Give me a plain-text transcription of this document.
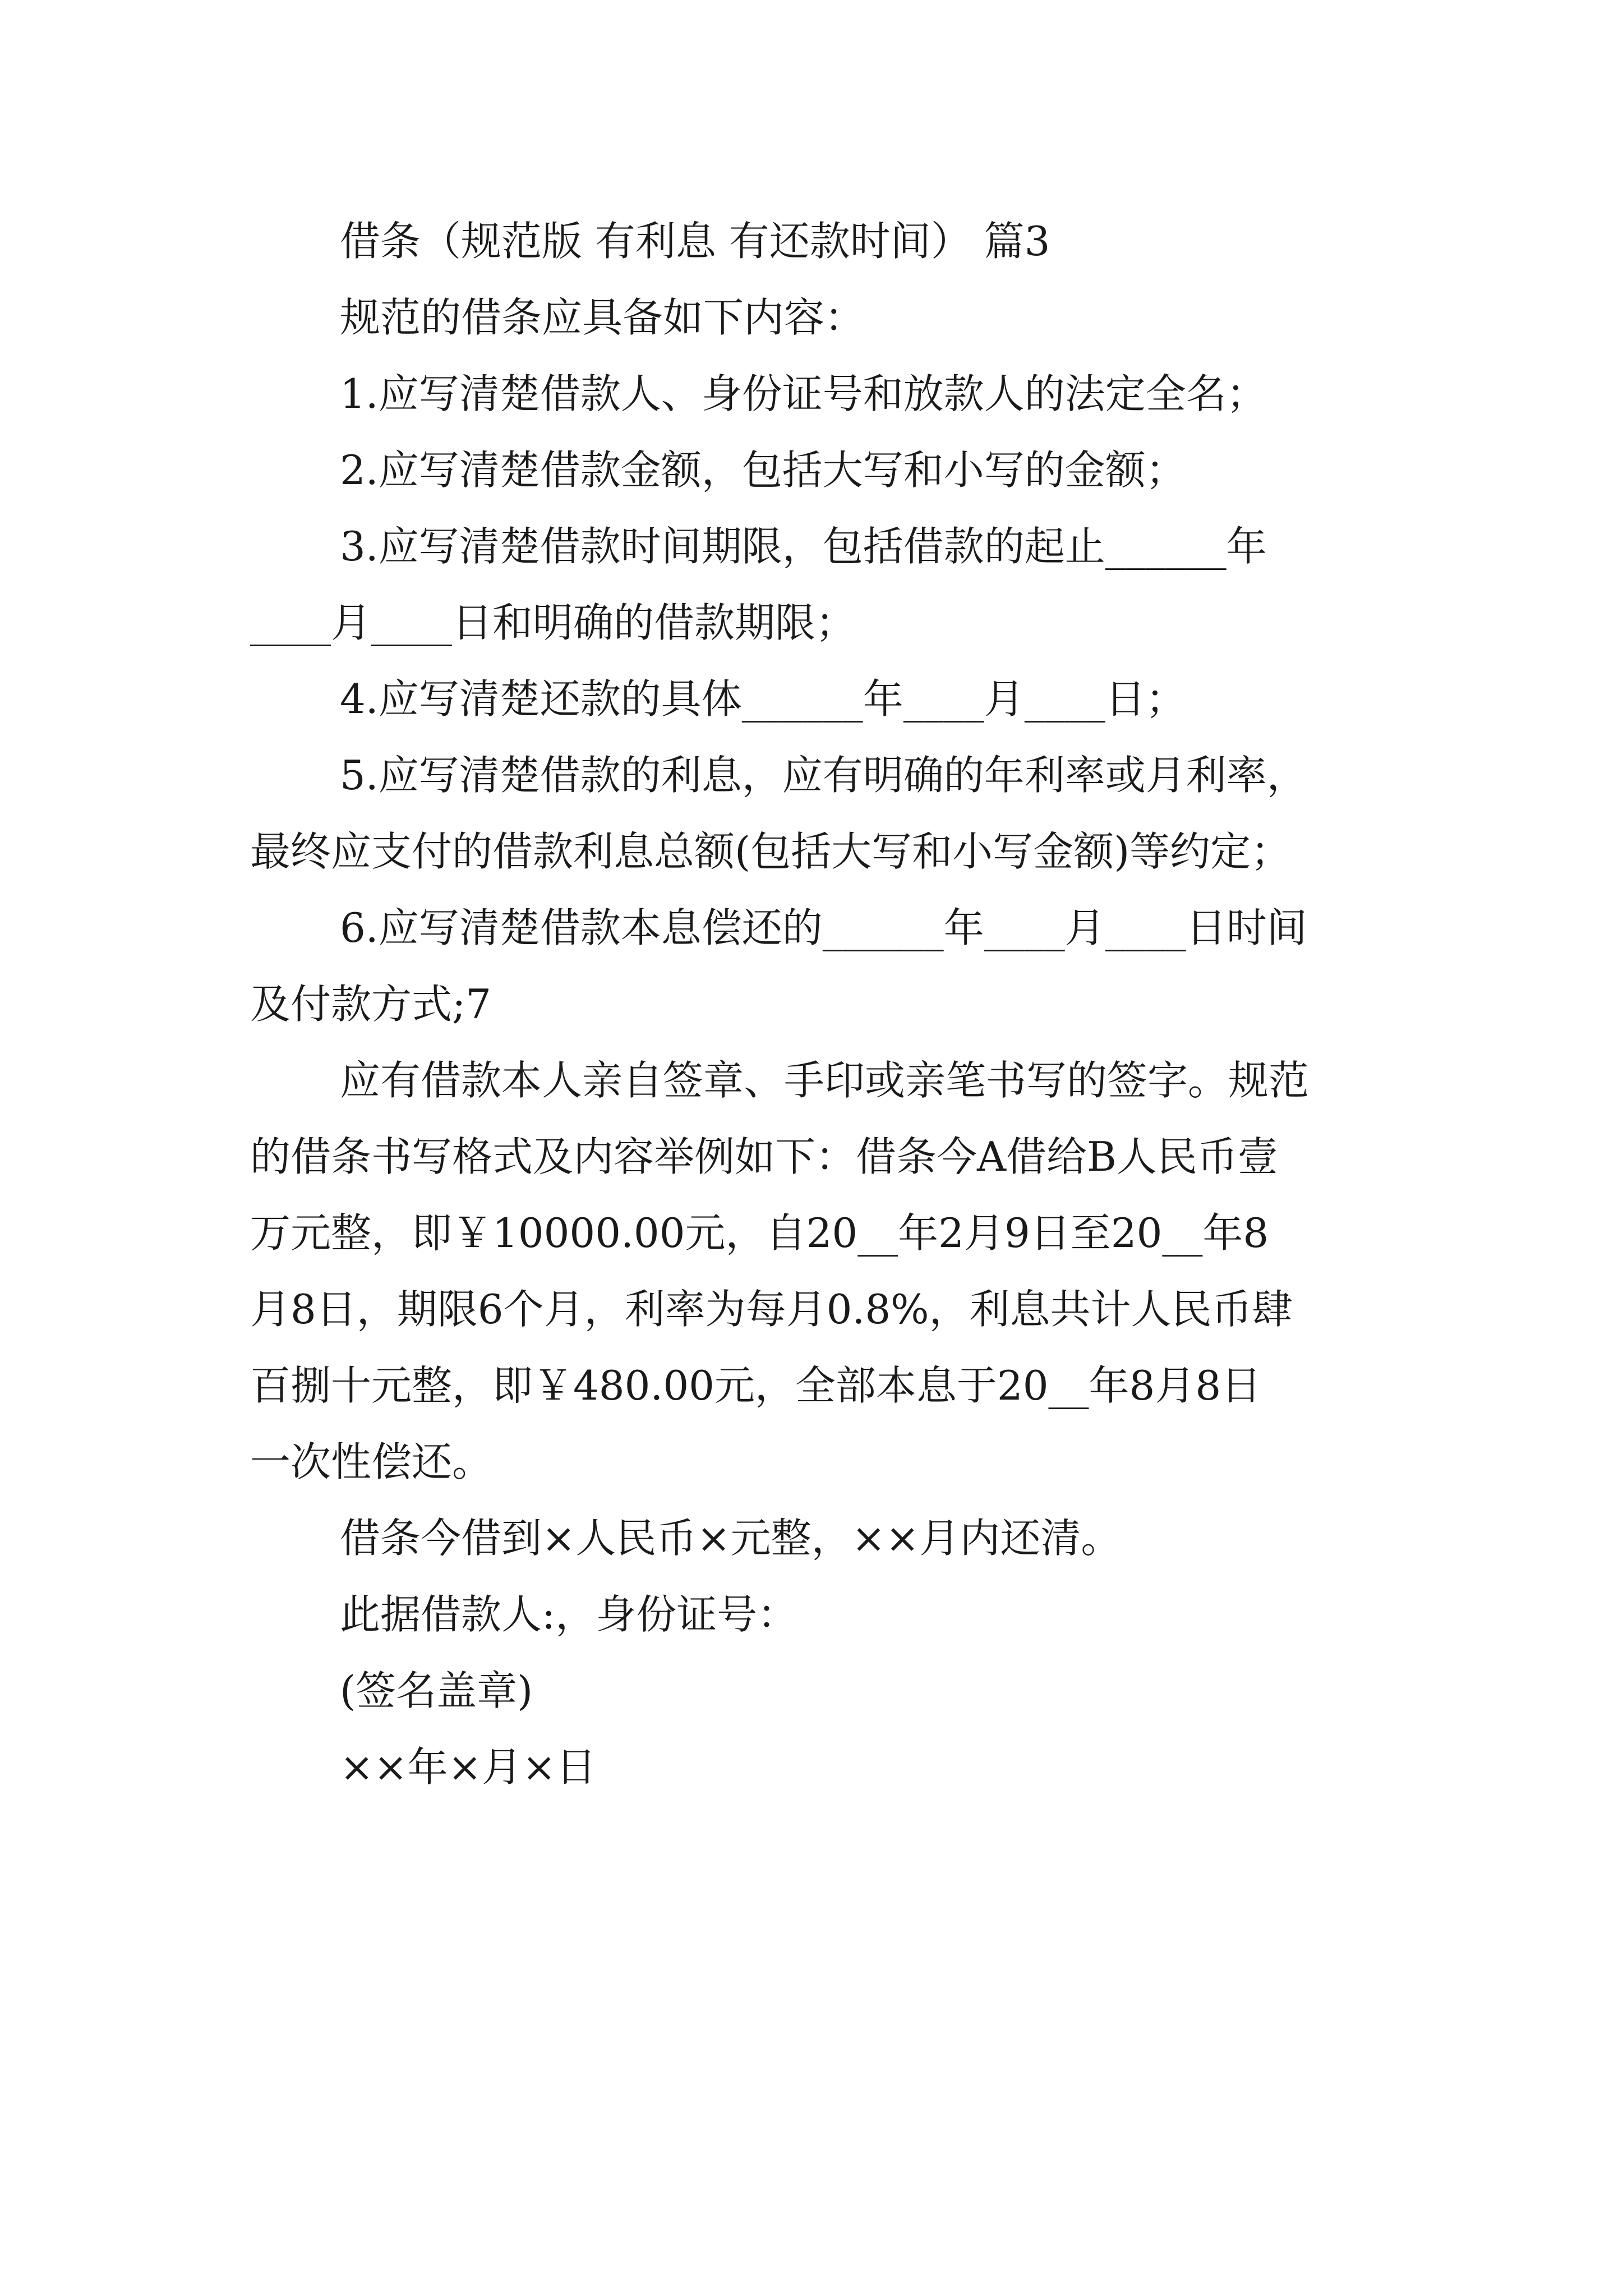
借条（规范版 有利息 有还款时间） 篇3
规范的借条应具备如下内容：
1.应写清楚借款人、身份证号和放款人的法定全名；
2.应写清楚借款金额，包括大写和小写的金额；
3.应写清楚借款时间期限，包括借款的起止______年
____月____日和明确的借款期限；
4.应写清楚还款的具体______年____月____日；
5.应写清楚借款的利息，应有明确的年利率或月利率，
最终应支付的借款利息总额(包括大写和小写金额)等约定；
6.应写清楚借款本息偿还的______年____月____日时间
及付款方式;7
应有借款本人亲自签章、手印或亲笔书写的签字。规范
的借条书写格式及内容举例如下：借条今A借给B人民币壹
万元整，即￥10000.00元，自20__年2月9日至20__年8
月8日，期限6个月，利率为每月0.8%，利息共计人民币肆
百捌十元整，即￥480.00元，全部本息于20__年8月8日
一次性偿还。
借条今借到×人民币×元整，××月内还清。
此据借款人:，身份证号：
(签名盖章)
××年×月×日
